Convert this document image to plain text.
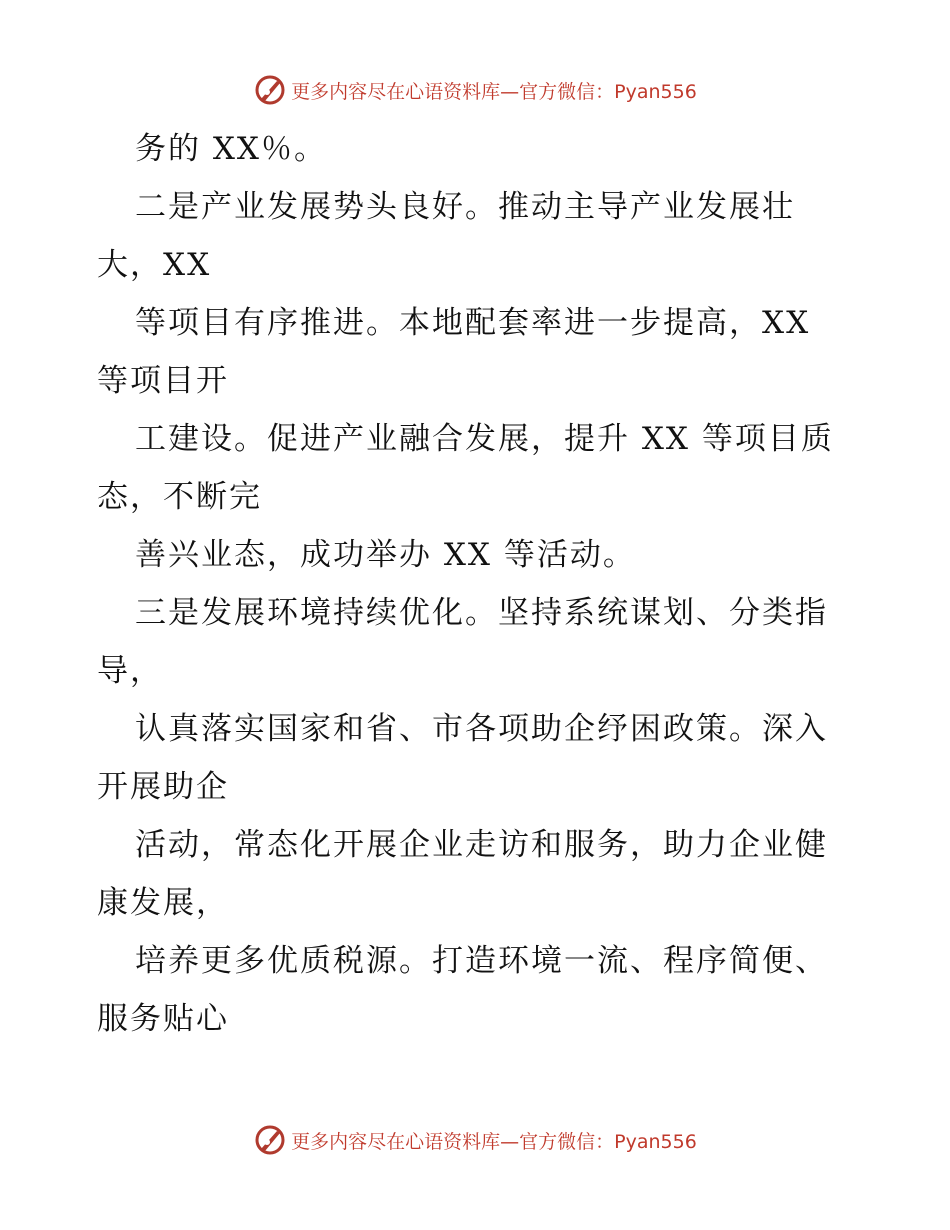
更多内容尽在心语资料库—官方微信：Pyan556
务的 XX％。
二是产业发展势头良好。推动主导产业发展壮
大，XX
等项目有序推进。本地配套率进一步提高，XX
等项目开
工建设。促进产业融合发展，提升 XX 等项目质
态，不断完
善兴业态，成功举办 XX 等活动。
三是发展环境持续优化。坚持系统谋划、分类指
导，
认真落实国家和省、市各项助企纾困政策。深入
开展助企
活动，常态化开展企业走访和服务，助力企业健
康发展，
培养更多优质税源。打造环境一流、程序简便、
服务贴心
更多内容尽在心语资料库—官方微信：Pyan556
